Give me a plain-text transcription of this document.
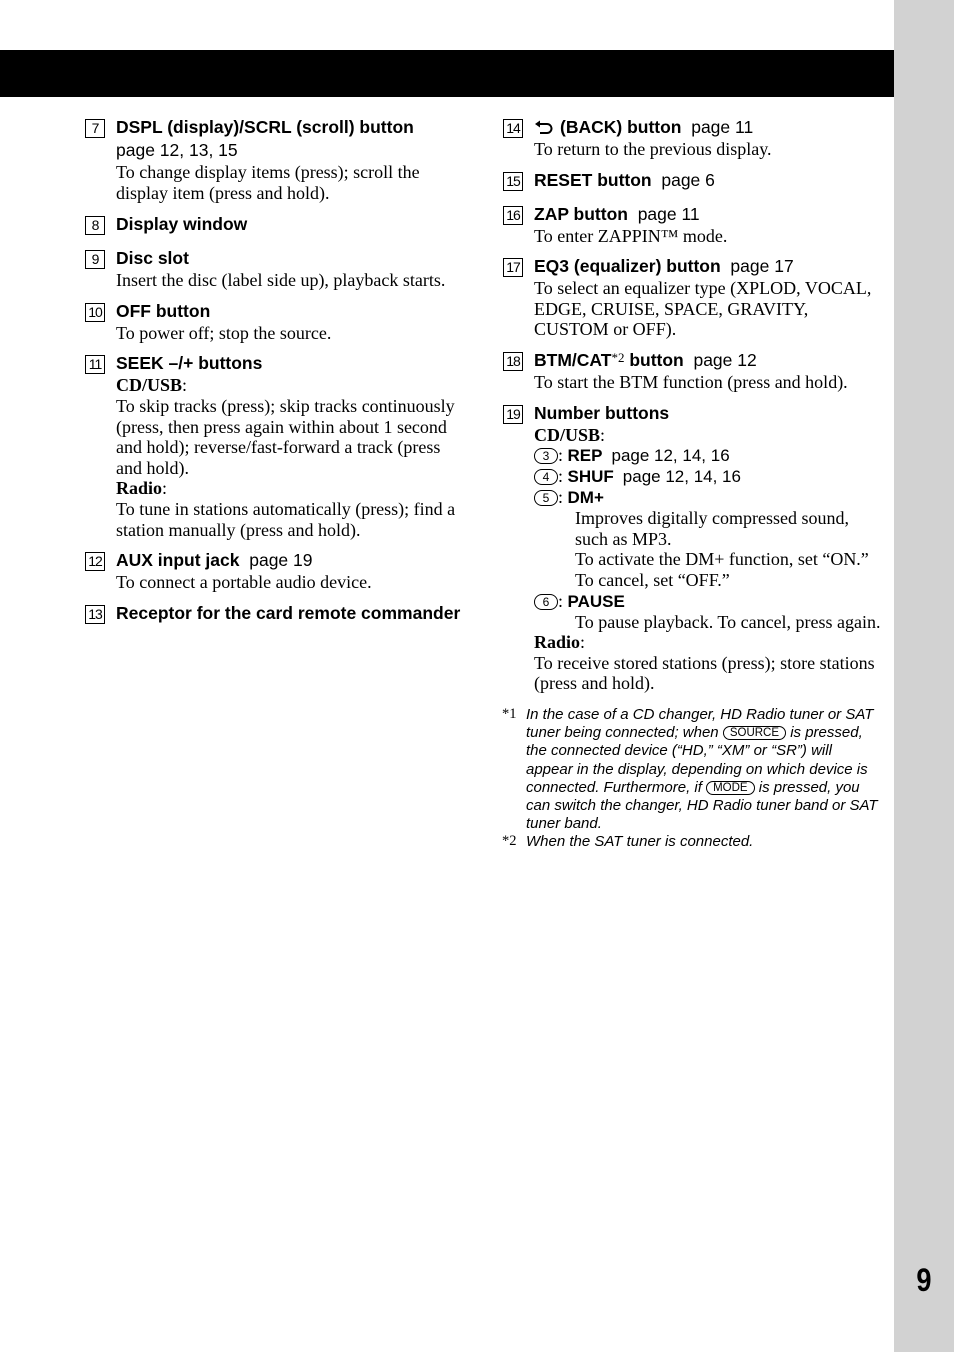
9
7	DSPL (display)/SCRL (scroll) button
page 12, 13, 15
To change display items (press); scroll the display item (press and hold).
8	Display window
9	Disc slot
Insert the disc (label side up), playback starts.
10 OFF button
To power off; stop the source.
11 SEEK –/+ buttons
CD/USB:
To skip tracks (press); skip tracks continuously (press, then press again within about 1 second and hold); reverse/fast-forward a track (press and hold).
Radio:
To tune in stations automatically (press); find a station manually (press and hold).
12 AUX input jack page 19
To connect a portable audio device.
13 Receptor for the card remote commander
14	(BACK) button page 11
To return to the previous display.
15 RESET button page 6
16 ZAP button page 11
To enter ZAPPIN™ mode.
17 EQ3 (equalizer) button page 17
To select an equalizer type (XPLOD, VOCAL, EDGE, CRUISE, SPACE, GRAVITY, CUSTOM or OFF).
18 BTM/CAT$^{*2}$ button page 12
To start the BTM function (press and hold).
19 Number buttons
CD/USB:
3 : REP page 12, 14, 16
4 : SHUF page 12, 14, 16
5 : DM+
Improves digitally compressed sound, such as MP3.
To activate the DM+ function, set “ON.” To cancel, set “OFF.”
6 : PAUSE
To pause playback. To cancel, press again.
Radio:
To receive stored stations (press); store stations (press and hold).
*1 In the case of a CD changer, HD Radio tuner or SAT tuner being connected; when SOURCE is pressed, the connected device (“HD,” “XM” or “SR”) will appear in the display, depending on which device is connected. Furthermore, if MODE is pressed, you can switch the changer, HD Radio tuner band or SAT tuner band.
*2 When the SAT tuner is connected.
